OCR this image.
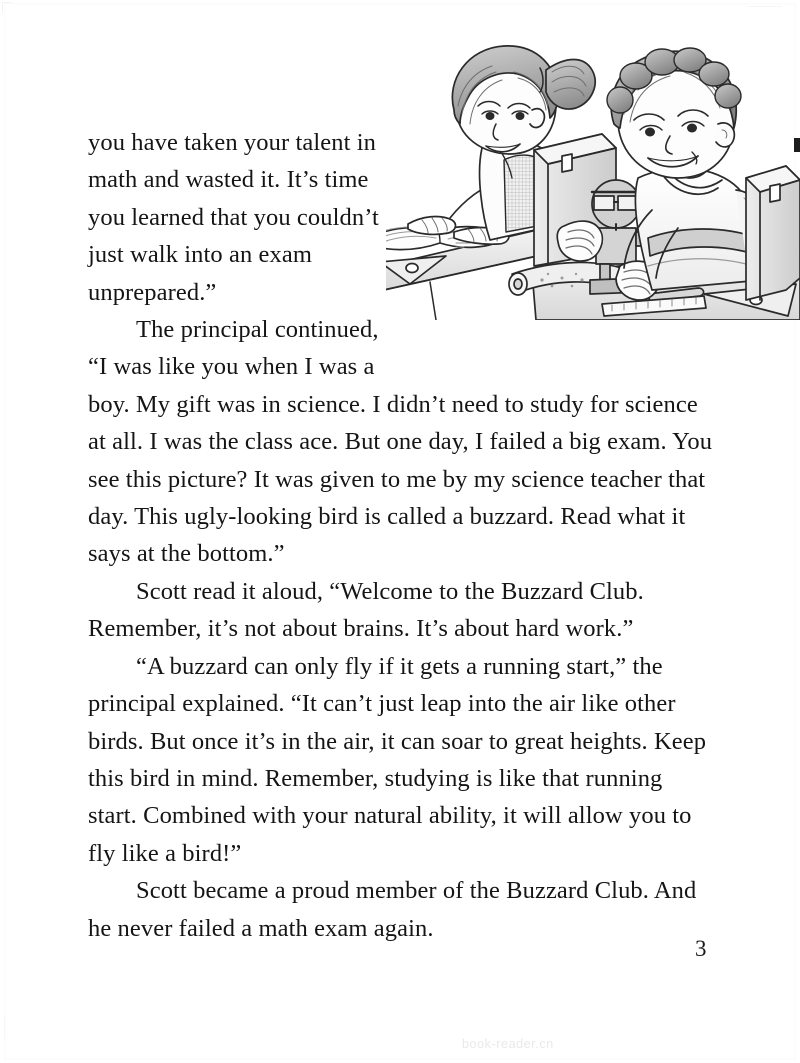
you have taken your talent in math and wasted it. It’s time you learned that you couldn’t just walk into an exam unprepared.”

The principal continued, “I was like you when I was a boy. My gift was in science. I didn’t need to study for science at all. I was the class ace. But one day, I failed a big exam. You see this picture? It was given to me by my science teacher that day. This ugly-looking bird is called a buzzard. Read what it says at the bottom.”

Scott read it aloud, “Welcome to the Buzzard Club. Remember, it’s not about brains. It’s about hard work.”

“A buzzard can only fly if it gets a running start,” the principal explained. “It can’t just leap into the air like other birds. But once it’s in the air, it can soar to great heights. Keep this bird in mind. Remember, studying is like that running start. Combined with your natural ability, it will allow you to fly like a bird!”

Scott became a proud member of the Buzzard Club. And he never failed a math exam again.

3
book-reader.cn
